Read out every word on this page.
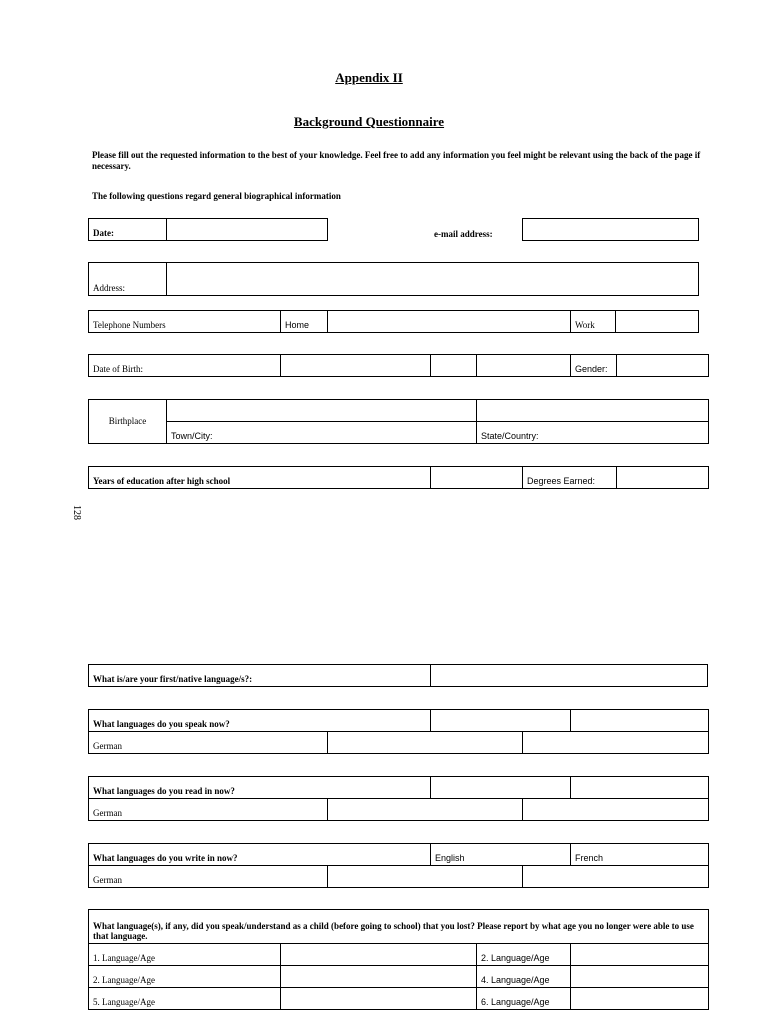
Appendix II
Background Questionnaire
Please fill out the requested information to the best of your knowledge. Feel free to add any information you feel might be relevant using the back of the page if necessary.
The following questions regard general biographical information
Date:	e-mail address:
Address:
Telephone Numbers	Home	Work
Date of Birth:	Gender:
Birthplace
Town/City:	State/Country:
Years of education after high school	Degrees Earned:
128
What is/are your first/native language/s?:
What languages do you speak now?
German
What languages do you read in now?
German
What languages do you write in now?	English	French
German
What language(s), if any, did you speak/understand as a child (before going to school) that you lost? Please report by what age you no longer were able to use that language.
1. Language/Age	2. Language/Age
2. Language/Age	4. Language/Age
5. Language/Age	6. Language/Age
